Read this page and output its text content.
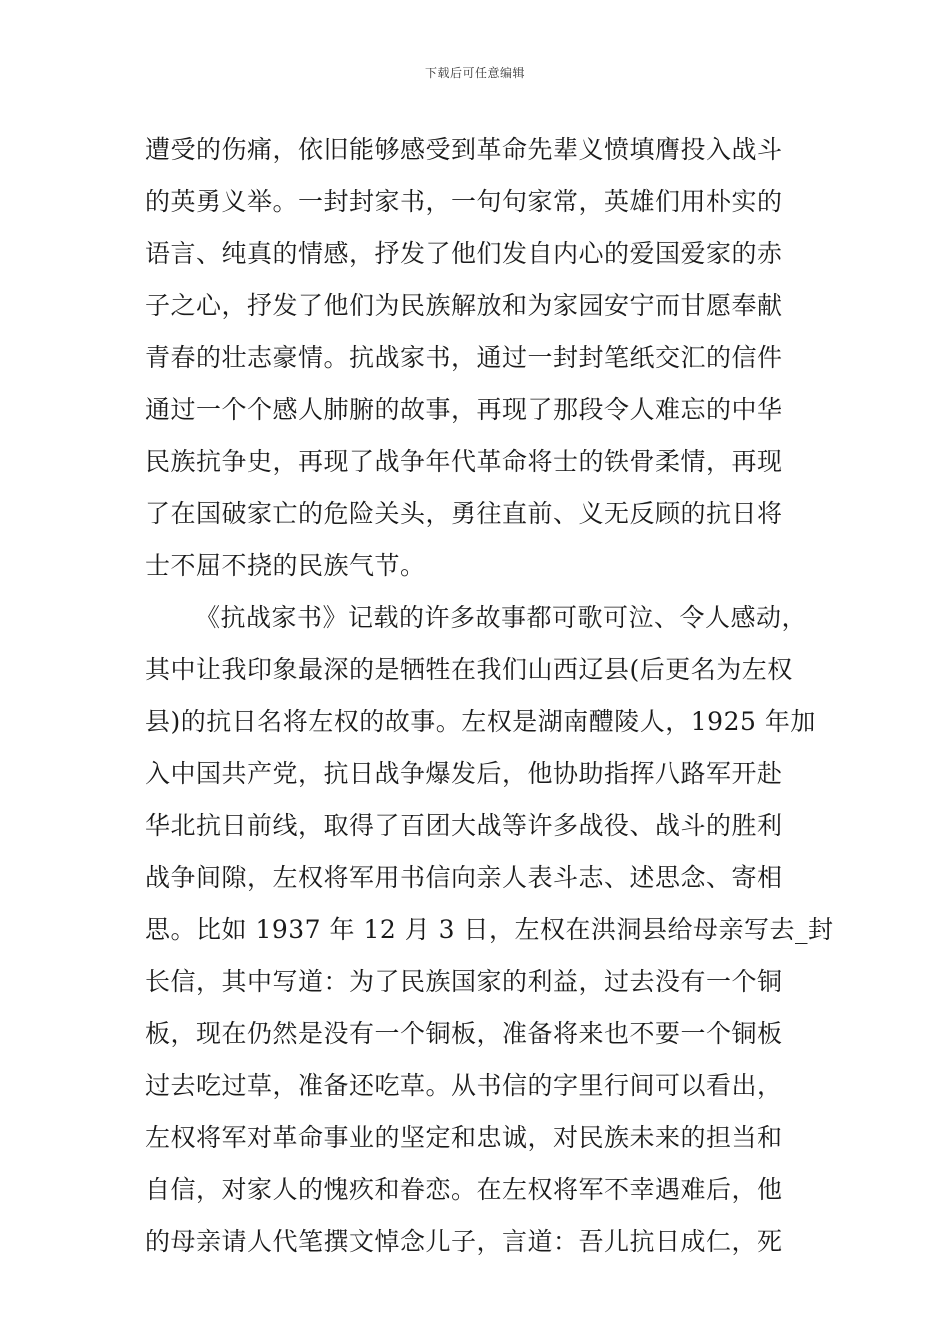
下载后可任意编辑
遭受的伤痛，依旧能够感受到革命先辈义愤填膺投入战斗
的英勇义举。一封封家书，一句句家常，英雄们用朴实的
语言、纯真的情感，抒发了他们发自内心的爱国爱家的赤
子之心，抒发了他们为民族解放和为家园安宁而甘愿奉献
青春的壮志豪情。抗战家书，通过一封封笔纸交汇的信件
通过一个个感人肺腑的故事，再现了那段令人难忘的中华
民族抗争史，再现了战争年代革命将士的铁骨柔情，再现
了在国破家亡的危险关头，勇往直前、义无反顾的抗日将
士不屈不挠的民族气节。
《抗战家书》记载的许多故事都可歌可泣、令人感动，
其中让我印象最深的是牺牲在我们山西辽县(后更名为左权
县)的抗日名将左权的故事。左权是湖南醴陵人，1925 年加
入中国共产党，抗日战争爆发后，他协助指挥八路军开赴
华北抗日前线，取得了百团大战等许多战役、战斗的胜利
战争间隙，左权将军用书信向亲人表斗志、述思念、寄相
思。比如 1937 年 12 月 3 日，左权在洪洞县给母亲写去_封
长信，其中写道：为了民族国家的利益，过去没有一个铜
板，现在仍然是没有一个铜板，准备将来也不要一个铜板
过去吃过草，准备还吃草。从书信的字里行间可以看出，
左权将军对革命事业的坚定和忠诚，对民族未来的担当和
自信，对家人的愧疚和眷恋。在左权将军不幸遇难后，他
的母亲请人代笔撰文悼念儿子，言道：吾儿抗日成仁，死
